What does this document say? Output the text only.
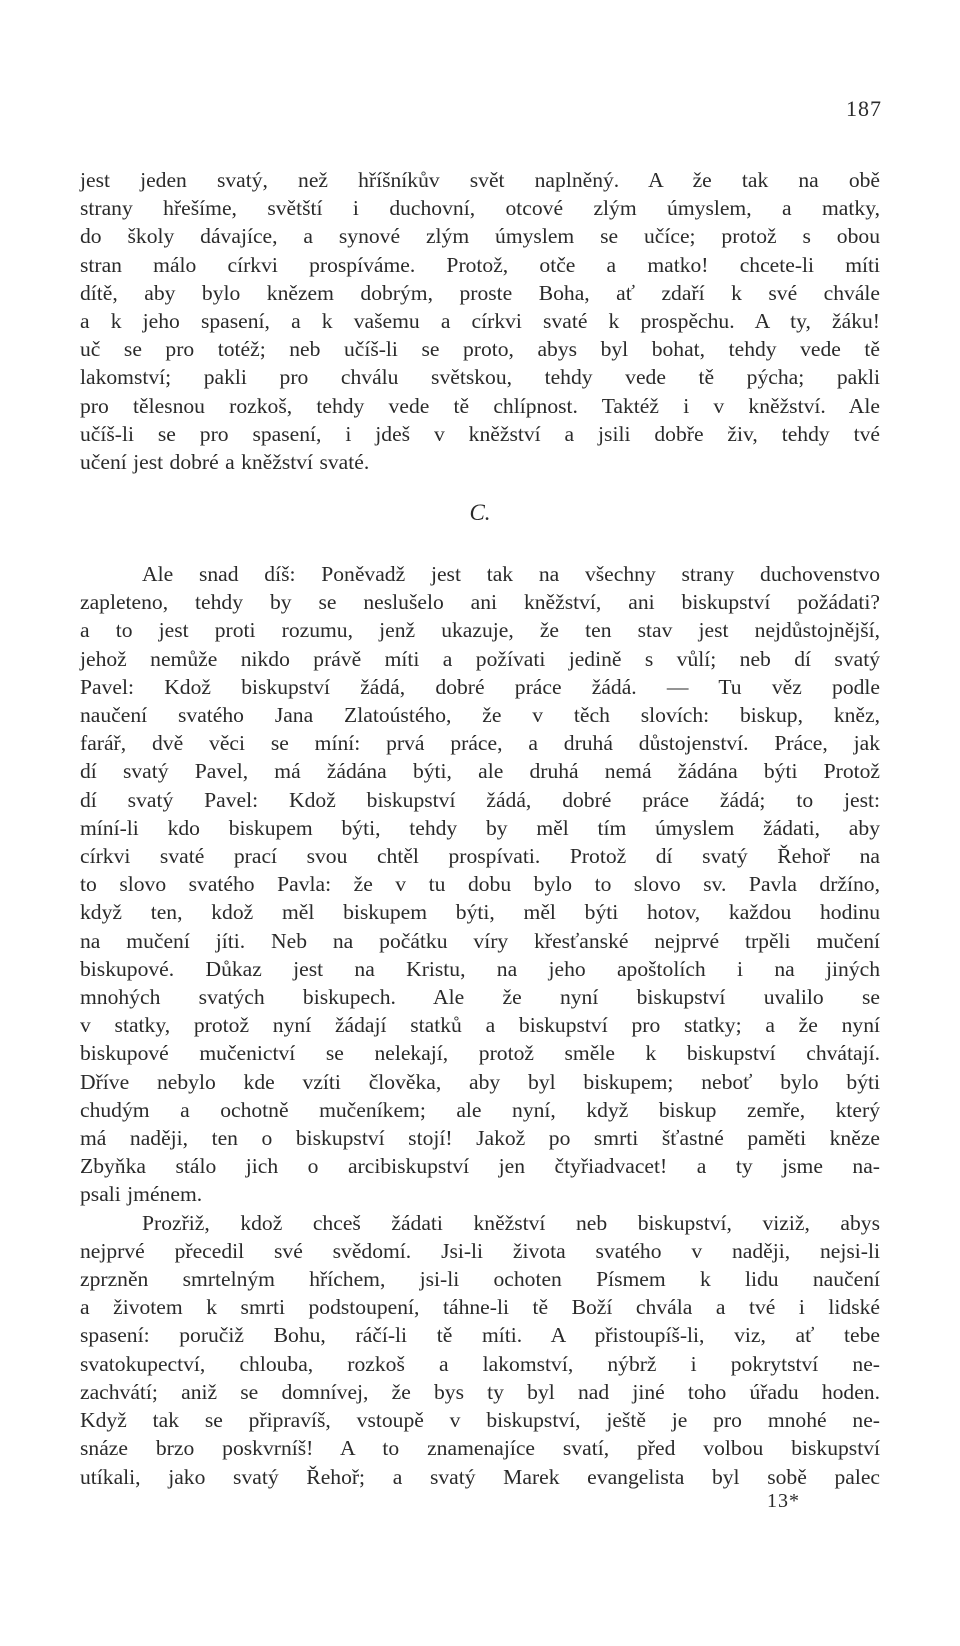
187
jest jeden svatý, než hříšníkův svět naplněný. A že tak na obě
strany hřešíme, světští i duchovní, otcové zlým úmyslem, a matky,
do školy dávajíce, a synové zlým úmyslem se učíce; protož s obou
stran málo církvi prospíváme. Protož, otče a matko! chcete-li míti
dítě, aby bylo knězem dobrým, proste Boha, ať zdaří k své chvále
a k jeho spasení, a k vašemu a církvi svaté k prospěchu. A ty, žáku!
uč se pro totéž; neb učíš-li se proto, abys byl bohat, tehdy vede tě
lakomství; pakli pro chválu světskou, tehdy vede tě pýcha; pakli
pro tělesnou rozkoš, tehdy vede tě chlípnost. Taktéž i v kněžství. Ale
učíš-li se pro spasení, i jdeš v kněžství a jsili dobře živ, tehdy tvé
učení jest dobré a kněžství svaté.
C.
Ale snad díš: Poněvadž jest tak na všechny strany duchovenstvo
zapleteno, tehdy by se neslušelo ani kněžství, ani biskupství požádati?
a to jest proti rozumu, jenž ukazuje, že ten stav jest nejdůstojnější,
jehož nemůže nikdo právě míti a požívati jedině s vůlí; neb dí svatý
Pavel: Kdož biskupství žádá, dobré práce žádá. — Tu věz podle
naučení svatého Jana Zlatoústého, že v těch slovích: biskup, kněz,
farář, dvě věci se míní: prvá práce, a druhá důstojenství. Práce, jak
dí svatý Pavel, má žádána býti, ale druhá nemá žádána býti Protož
dí svatý Pavel: Kdož biskupství žádá, dobré práce žádá; to jest:
míní-li kdo biskupem býti, tehdy by měl tím úmyslem žádati, aby
církvi svaté prací svou chtěl prospívati. Protož dí svatý Řehoř na
to slovo svatého Pavla: že v tu dobu bylo to slovo sv. Pavla držíno,
když ten, kdož měl biskupem býti, měl býti hotov, každou hodinu
na mučení jíti. Neb na počátku víry křesťanské nejprvé trpěli mučení
biskupové. Důkaz jest na Kristu, na jeho apoštolích i na jiných
mnohých svatých biskupech. Ale že nyní biskupství uvalilo se
v statky, protož nyní žádají statků a biskupství pro statky; a že nyní
biskupové mučenictví se nelekají, protož směle k biskupství chvátají.
Dříve nebylo kde vzíti člověka, aby byl biskupem; neboť bylo býti
chudým a ochotně mučeníkem; ale nyní, když biskup zemře, který
má naději, ten o biskupství stojí! Jakož po smrti šťastné paměti kněze
Zbyňka stálo jich o arcibiskupství jen čtyřiadvacet! a ty jsme na-
psali jménem.
Prozřiž, kdož chceš žádati kněžství neb biskupství, viziž, abys
nejprvé přecedil své svědomí. Jsi-li života svatého v naději, nejsi-li
zprzněn smrtelným hříchem, jsi-li ochoten Písmem k lidu naučení
a životem k smrti podstoupení, táhne-li tě Boží chvála a tvé i lidské
spasení: poručiž Bohu, ráčí-li tě míti. A přistoupíš-li, viz, ať tebe
svatokupectví, chlouba, rozkoš a lakomství, nýbrž i pokrytství ne-
zachvátí; aniž se domnívej, že bys ty byl nad jiné toho úřadu hoden.
Když tak se připravíš, vstoupě v biskupství, ještě je pro mnohé ne-
snáze brzo poskvrníš! A to znamenajíce svatí, před volbou biskupství
utíkali, jako svatý Řehoř; a svatý Marek evangelista byl sobě palec
13*
